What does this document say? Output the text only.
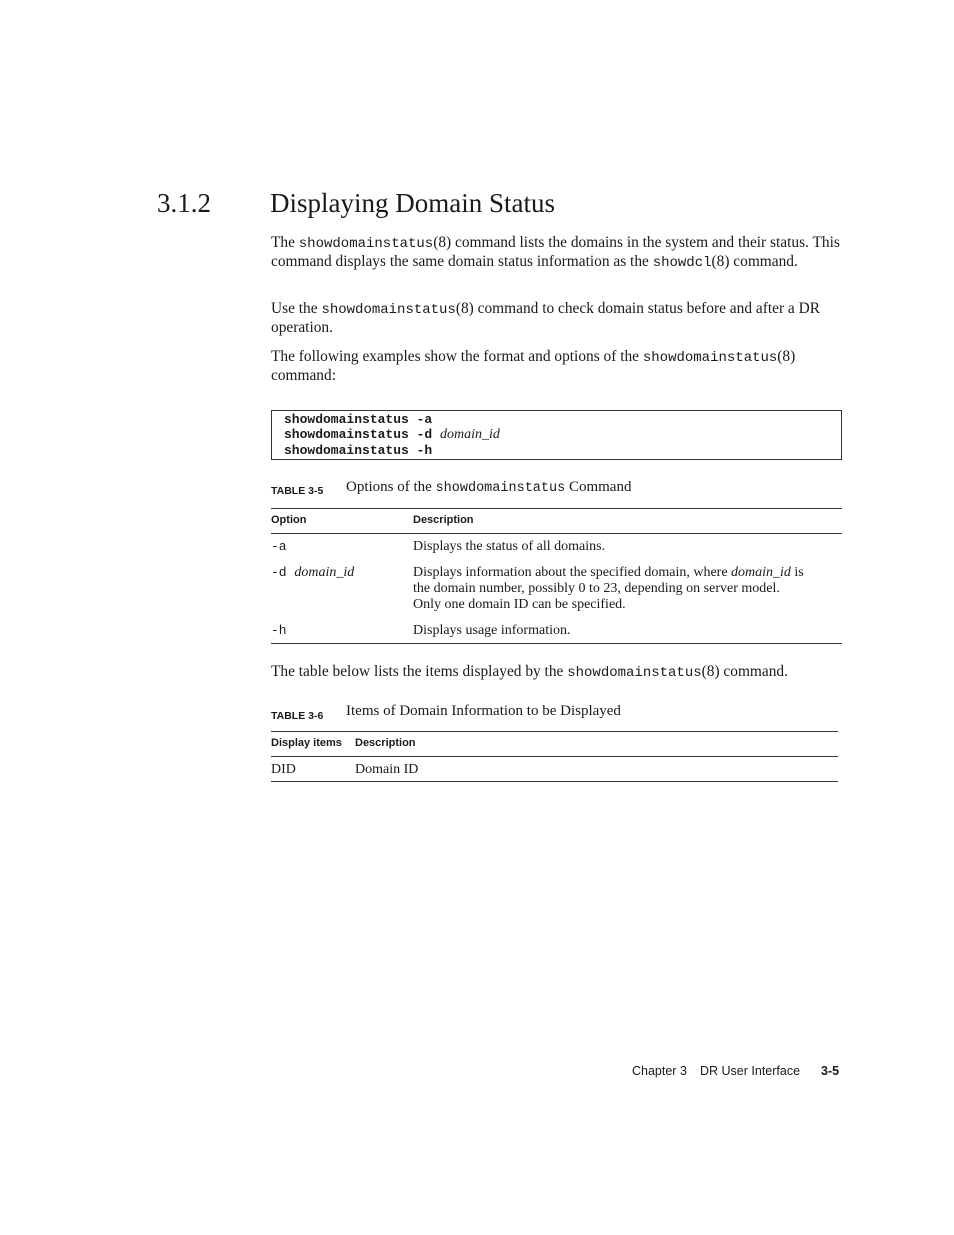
3.1.2 Displaying Domain Status

The showdomainstatus(8) command lists the domains in the system and their status. This command displays the same domain status information as the showdcl(8) command.

Use the showdomainstatus(8) command to check domain status before and after a DR operation.

The following examples show the format and options of the showdomainstatus(8) command:

showdomainstatus -a
showdomainstatus -d domain_id
showdomainstatus -h
TABLE 3-5 Options of the showdomainstatus Command
Option	Description
-a	Displays the status of all domains.
-d domain_id	Displays information about the specified domain, where domain_id is
the domain number, possibly 0 to 23, depending on server model.
Only one domain ID can be specified.
-h	Displays usage information.

The table below lists the items displayed by the showdomainstatus(8) command.

TABLE 3-6 Items of Domain Information to be Displayed
Display items Description
DID	Domain ID
Chapter 3 DR User Interface 3-5
